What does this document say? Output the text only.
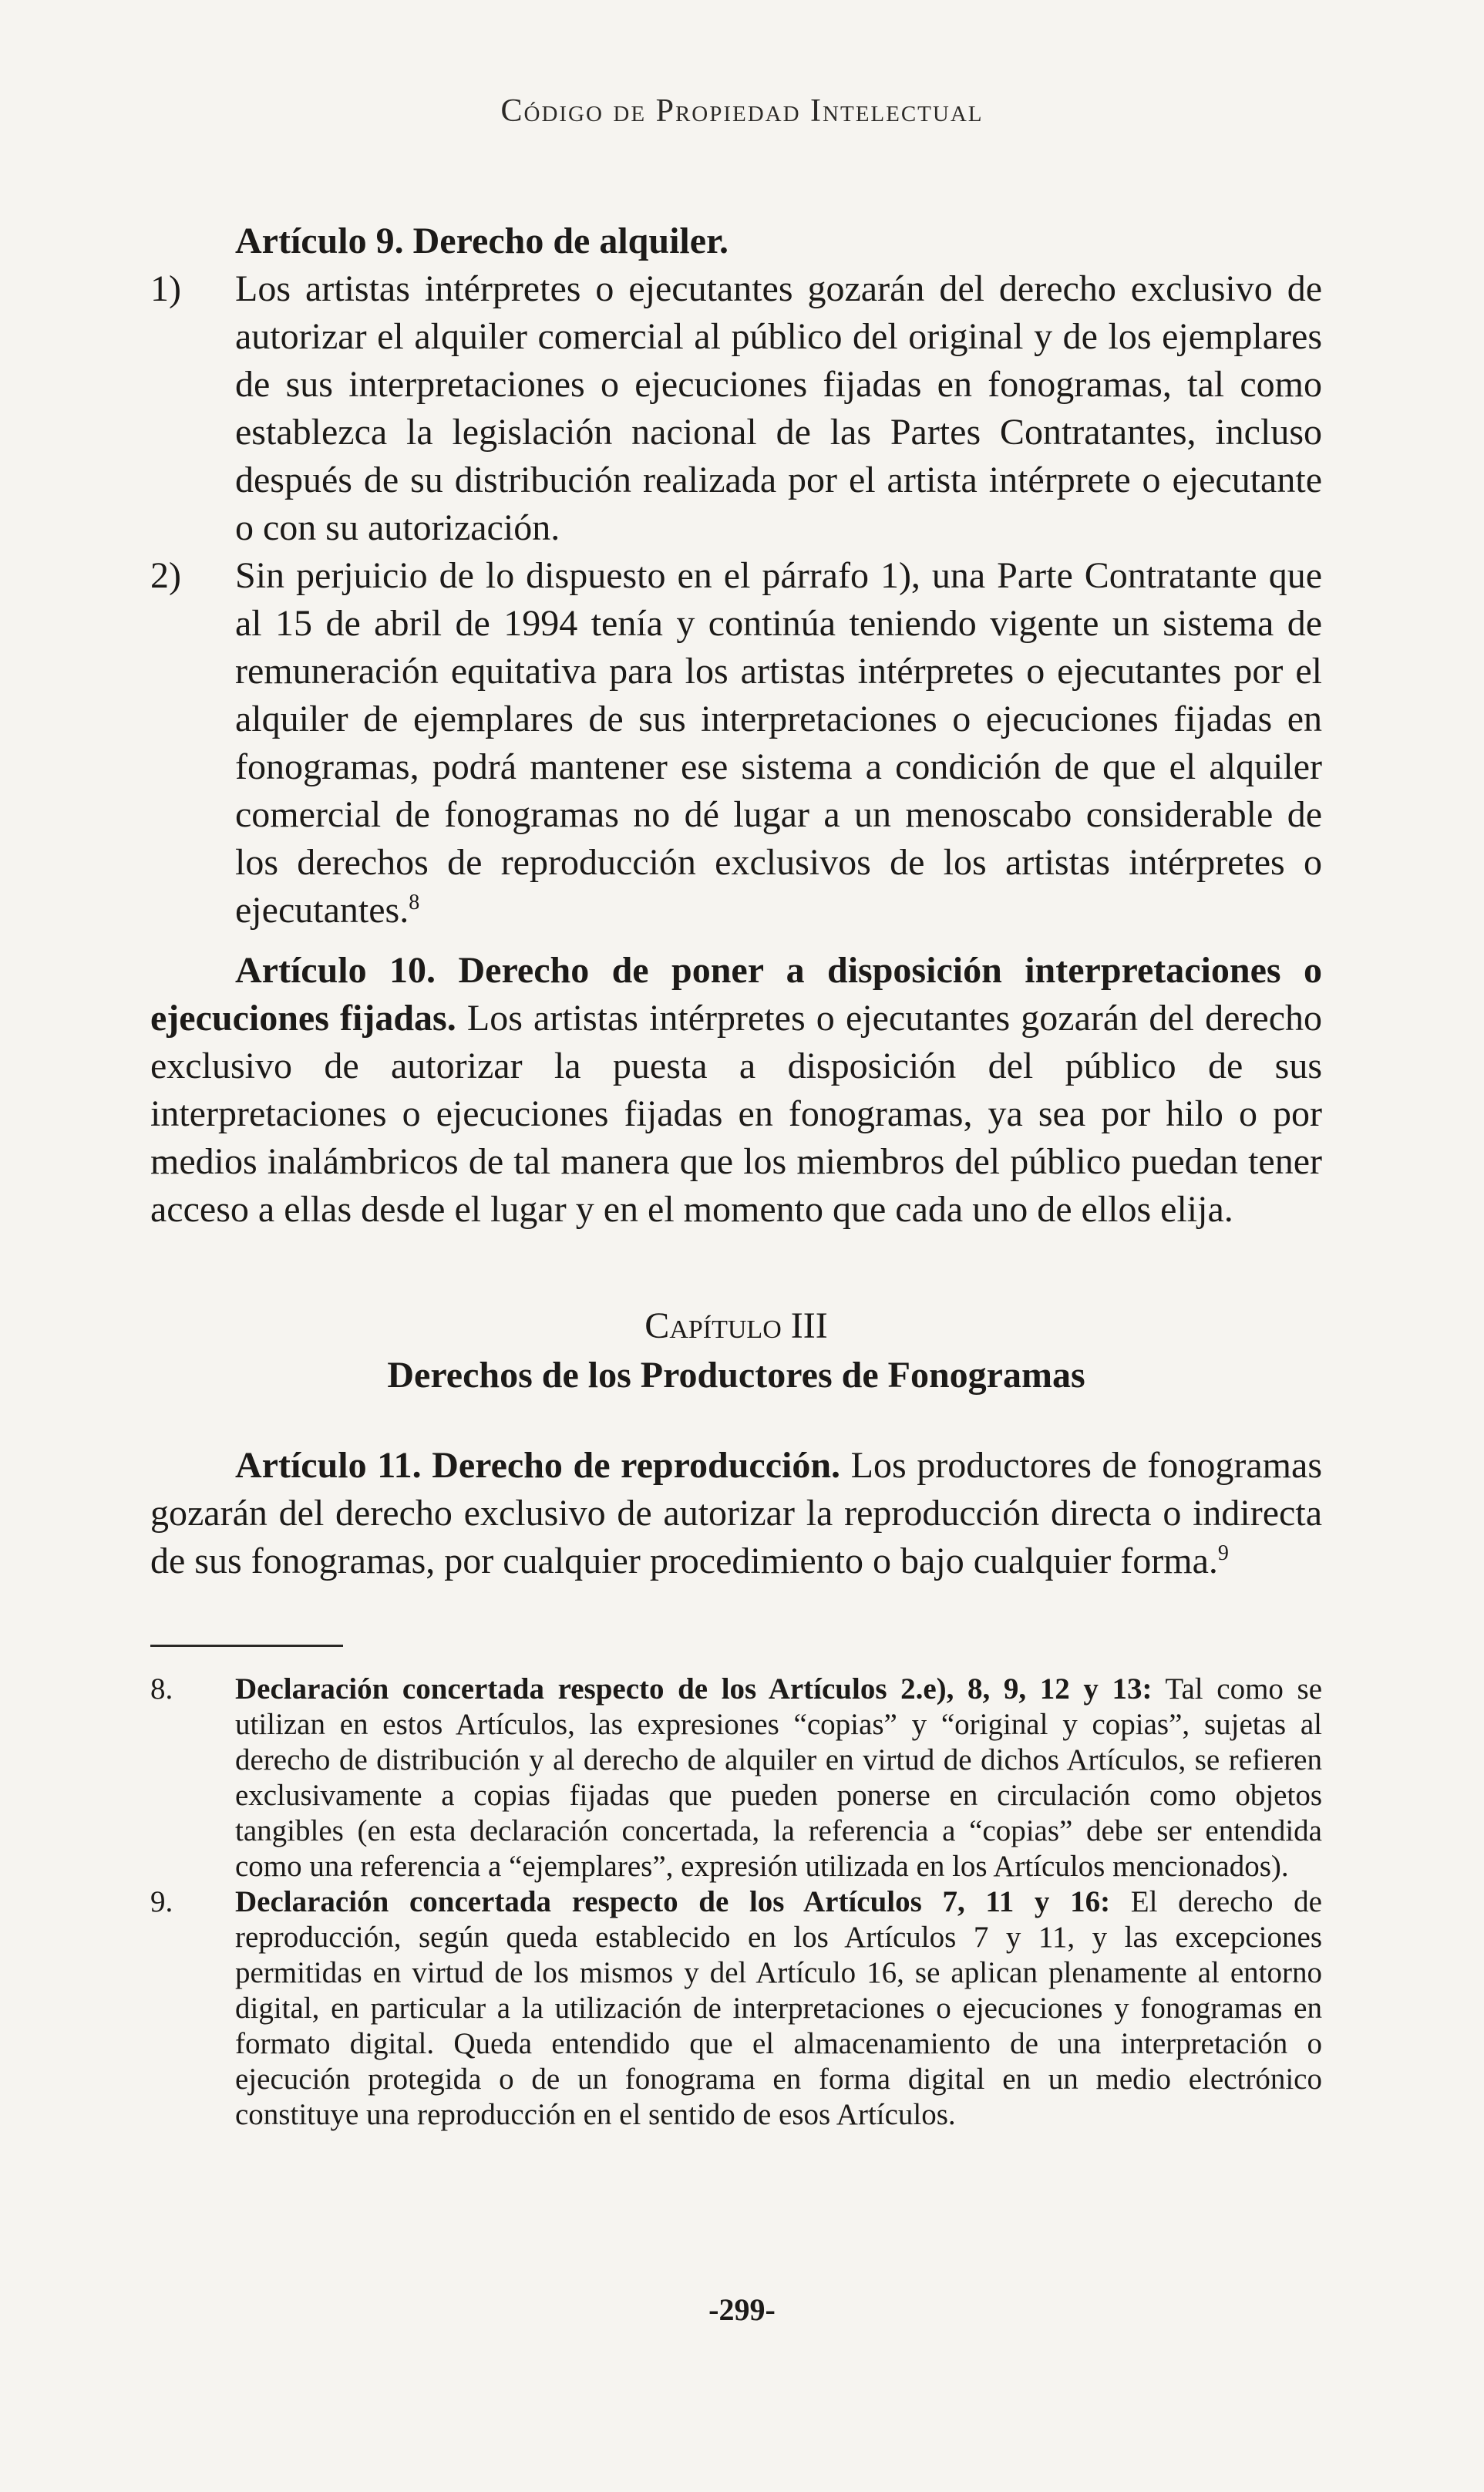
Código de Propiedad Intelectual
Artículo 9. Derecho de alquiler.
1)	Los artistas intérpretes o ejecutantes gozarán del derecho exclusivo de autorizar el alquiler comercial al público del original y de los ejemplares de sus interpretaciones o ejecuciones fijadas en fonogramas, tal como establezca la legislación nacional de las Partes Contratantes, incluso después de su distribución realizada por el artista intérprete o ejecutante o con su autorización.
2)	Sin perjuicio de lo dispuesto en el párrafo 1), una Parte Contratante que al 15 de abril de 1994 tenía y continúa teniendo vigente un sistema de remuneración equitativa para los artistas intérpretes o ejecutantes por el alquiler de ejemplares de sus interpretaciones o ejecuciones fijadas en fonogramas, podrá mantener ese sistema a condición de que el alquiler comercial de fonogramas no dé lugar a un menoscabo considerable de los derechos de reproducción exclusivos de los artistas intérpretes o ejecutantes.$^8$
Artículo 10. Derecho de poner a disposición interpretaciones o ejecuciones fijadas. Los artistas intérpretes o ejecutantes gozarán del derecho exclusivo de autorizar la puesta a disposición del público de sus interpretaciones o ejecuciones fijadas en fonogramas, ya sea por hilo o por medios inalámbricos de tal manera que los miembros del público puedan tener acceso a ellas desde el lugar y en el momento que cada uno de ellos elija.
Capítulo III
Derechos de los Productores de Fonogramas
Artículo 11. Derecho de reproducción. Los productores de fonogramas gozarán del derecho exclusivo de autorizar la reproducción directa o indirecta de sus fonogramas, por cualquier procedimiento o bajo cualquier forma.$^9$
8.	Declaración concertada respecto de los Artículos 2.e), 8, 9, 12 y 13: Tal como se utilizan en estos Artículos, las expresiones “copias” y “original y copias”, sujetas al derecho de distribución y al derecho de alquiler en virtud de dichos Artículos, se refieren exclusivamente a copias fijadas que pueden ponerse en circulación como objetos tangibles (en esta declaración concertada, la referencia a “copias” debe ser entendida como una referencia a “ejemplares”, expresión utilizada en los Artículos mencionados).
9.	Declaración concertada respecto de los Artículos 7, 11 y 16: El derecho de reproducción, según queda establecido en los Artículos 7 y 11, y las excepciones permitidas en virtud de los mismos y del Artículo 16, se aplican plenamente al entorno digital, en particular a la utilización de interpretaciones o ejecuciones y fonogramas en formato digital. Queda entendido que el almacenamiento de una interpretación o ejecución protegida o de un fonograma en forma digital en un medio electrónico constituye una reproducción en el sentido de esos Artículos.
-299-
